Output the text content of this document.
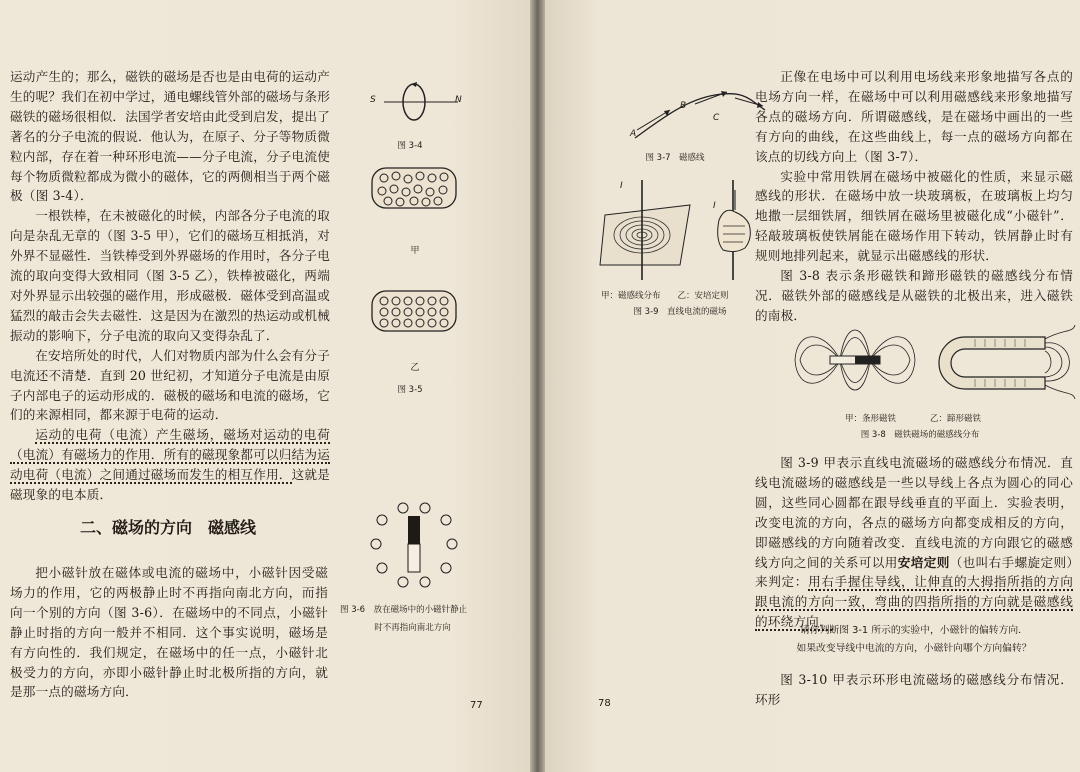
运动产生的；那么，磁铁的磁场是否也是由电荷的运动产生的呢？我们在初中学过，通电螺线管外部的磁场与条形磁铁的磁场很相似．法国学者安培由此受到启发，提出了著名的分子电流的假说．他认为，在原子、分子等物质微粒内部，存在着一种环形电流——分子电流，分子电流使每个物质微粒都成为微小的磁体，它的两侧相当于两个磁极（图 3-4）．

一根铁棒，在未被磁化的时候，内部各分子电流的取向是杂乱无章的（图 3-5 甲），它们的磁场互相抵消，对外界不显磁性．当铁棒受到外界磁场的作用时，各分子电流的取向变得大致相同（图 3-5 乙），铁棒被磁化，两端对外界显示出较强的磁作用，形成磁极．磁体受到高温或猛烈的敲击会失去磁性．这是因为在激烈的热运动或机械振动的影响下，分子电流的取向又变得杂乱了．

在安培所处的时代，人们对物质内部为什么会有分子电流还不清楚．直到 20 世纪初，才知道分子电流是由原子内部电子的运动形成的．磁极的磁场和电流的磁场，它们的来源相同，都来源于电荷的运动．

运动的电荷（电流）产生磁场，磁场对运动的电荷（电流）有磁场力的作用．所有的磁现象都可以归结为运动电荷（电流）之间通过磁场而发生的相互作用．这就是磁现象的电本质．

二、磁场的方向　磁感线

把小磁针放在磁体或电流的磁场中，小磁针因受磁场力的作用，它的两极静止时不再指向南北方向，而指向一个别的方向（图 3-6）．在磁场中的不同点，小磁针静止时指的方向一般并不相同．这个事实说明，磁场是有方向性的．我们规定，在磁场中的任一点，小磁针北极受力的方向，亦即小磁针静止时北极所指的方向，就是那一点的磁场方向．

S	N
图 3-4
甲
乙
图 3-5
图 3-6　放在磁场中的小磁针静止
时不再指向南北方向
77
A
B
C
图 3-7　磁感线
I
I
甲：磁感线分布　　乙：安培定则
图 3-9　直线电流的磁场

正像在电场中可以利用电场线来形象地描写各点的电场方向一样，在磁场中可以利用磁感线来形象地描写各点的磁场方向．所谓磁感线，是在磁场中画出的一些有方向的曲线，在这些曲线上，每一点的磁场方向都在该点的切线方向上（图 3-7）．

实验中常用铁屑在磁场中被磁化的性质，来显示磁感线的形状．在磁场中放一块玻璃板，在玻璃板上均匀地撒一层细铁屑，细铁屑在磁场里被磁化成“小磁针”．轻敲玻璃板使铁屑能在磁场作用下转动，铁屑静止时有规则地排列起来，就显示出磁感线的形状．

图 3-8 表示条形磁铁和蹄形磁铁的磁感线分布情况．磁铁外部的磁感线是从磁铁的北极出来，进入磁铁的南极．

甲：条形磁铁　　　　乙：蹄形磁铁
图 3-8　磁铁磁场的磁感线分布

图 3-9 甲表示直线电流磁场的磁感线分布情况．直线电流磁场的磁感线是一些以导线上各点为圆心的同心圆，这些同心圆都在跟导线垂直的平面上．实验表明，改变电流的方向，各点的磁场方向都变成相反的方向，即磁感线的方向随着改变．直线电流的方向跟它的磁感线方向之间的关系可以用安培定则（也叫右手螺旋定则）来判定：用右手握住导线，让伸直的大拇指所指的方向跟电流的方向一致，弯曲的四指所指的方向就是磁感线的环绕方向．

请你判断图 3-1 所示的实验中，小磁针的偏转方向．
如果改变导线中电流的方向，小磁针向哪个方向偏转？

图 3-10 甲表示环形电流磁场的磁感线分布情况．环形

78
